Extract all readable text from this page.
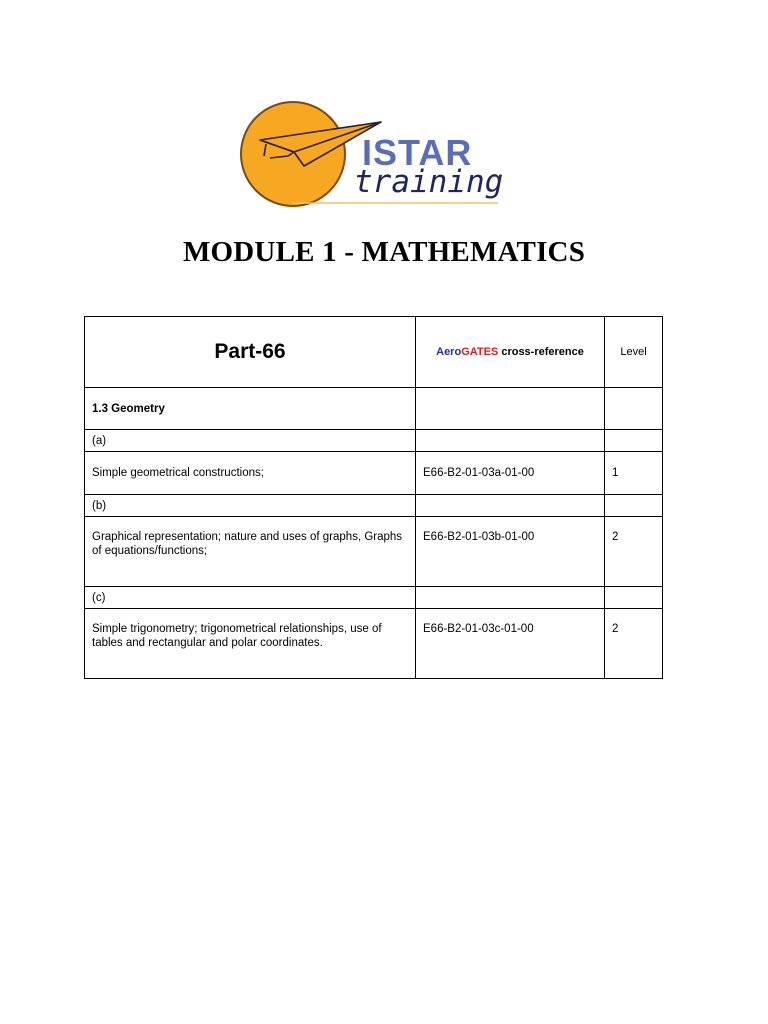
ISTAR
training
MODULE 1 - MATHEMATICS
Part-66	AeroGATES cross-reference	Level
1.3 Geometry		
(a)		
Simple geometrical constructions;	E66-B2-01-03a-01-00	1
(b)		
Graphical representation; nature and uses of graphs, Graphs of equations/functions;	E66-B2-01-03b-01-00	2
(c)		
Simple trigonometry; trigonometrical relationships, use of tables and rectangular and polar coordinates.	E66-B2-01-03c-01-00	2
